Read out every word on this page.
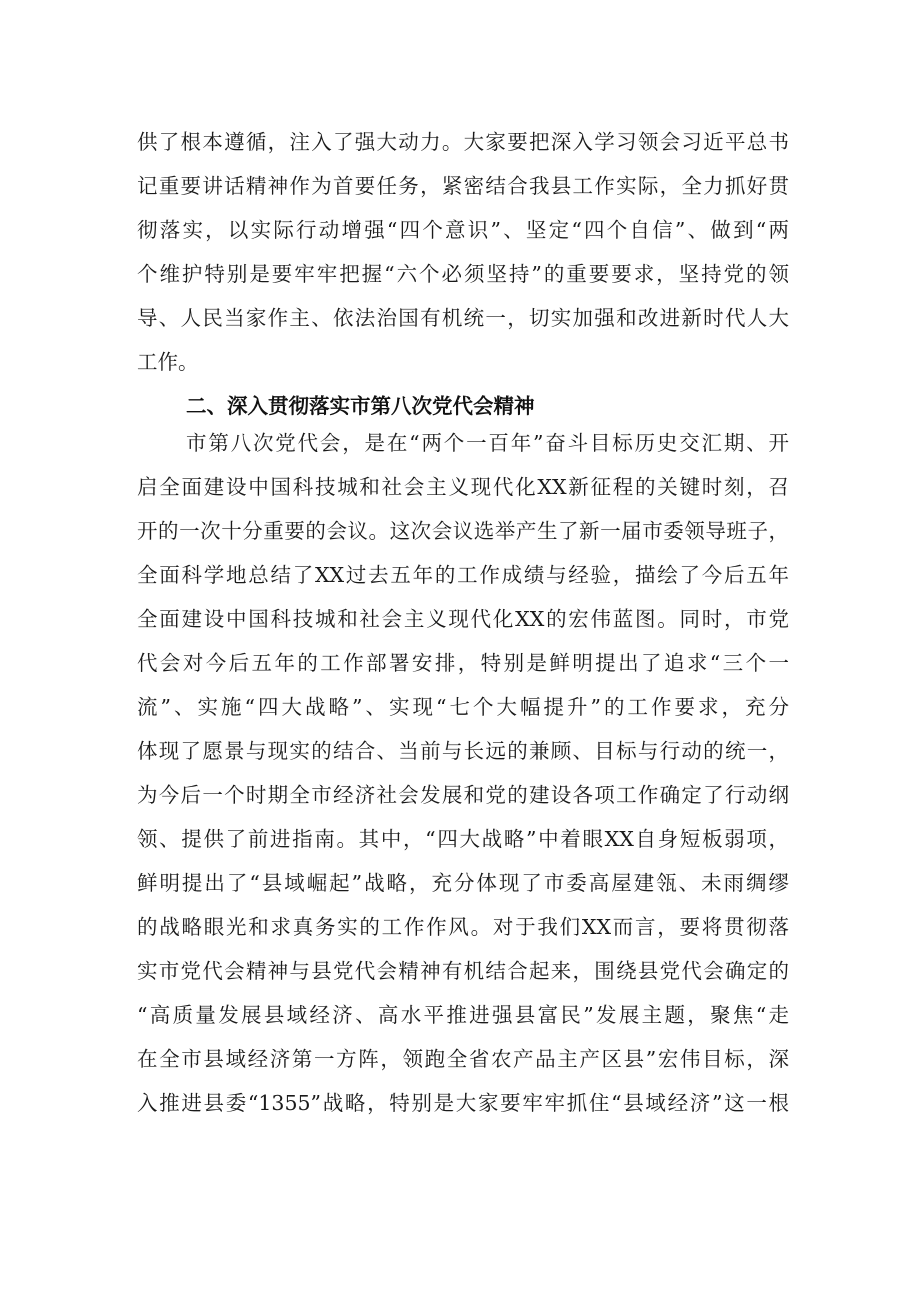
供了根本遵循，注入了强大动力。大家要把深入学习领会习近平总书
记重要讲话精神作为首要任务，紧密结合我县工作实际，全力抓好贯
彻落实，以实际行动增强“四个意识”、坚定“四个自信”、做到“两
个维护特别是要牢牢把握“六个必须坚持”的重要要求，坚持党的领
导、人民当家作主、依法治国有机统一，切实加强和改进新时代人大
工作。
二、深入贯彻落实市第八次党代会精神
市第八次党代会，是在“两个一百年”奋斗目标历史交汇期、开
启全面建设中国科技城和社会主义现代化XX新征程的关键时刻，召
开的一次十分重要的会议。这次会议选举产生了新一届市委领导班子，
全面科学地总结了XX过去五年的工作成绩与经验，描绘了今后五年
全面建设中国科技城和社会主义现代化XX的宏伟蓝图。同时，市党
代会对今后五年的工作部署安排，特别是鲜明提出了追求“三个一
流”、实施“四大战略”、实现“七个大幅提升”的工作要求，充分
体现了愿景与现实的结合、当前与长远的兼顾、目标与行动的统一，
为今后一个时期全市经济社会发展和党的建设各项工作确定了行动纲
领、提供了前进指南。其中，“四大战略”中着眼XX自身短板弱项，
鲜明提出了“县域崛起”战略，充分体现了市委高屋建瓴、未雨绸缪
的战略眼光和求真务实的工作作风。对于我们XX而言，要将贯彻落
实市党代会精神与县党代会精神有机结合起来，围绕县党代会确定的
“高质量发展县域经济、高水平推进强县富民”发展主题，聚焦“走
在全市县域经济第一方阵，领跑全省农产品主产区县”宏伟目标，深
入推进县委“1355”战略，特别是大家要牢牢抓住“县域经济”这一根
